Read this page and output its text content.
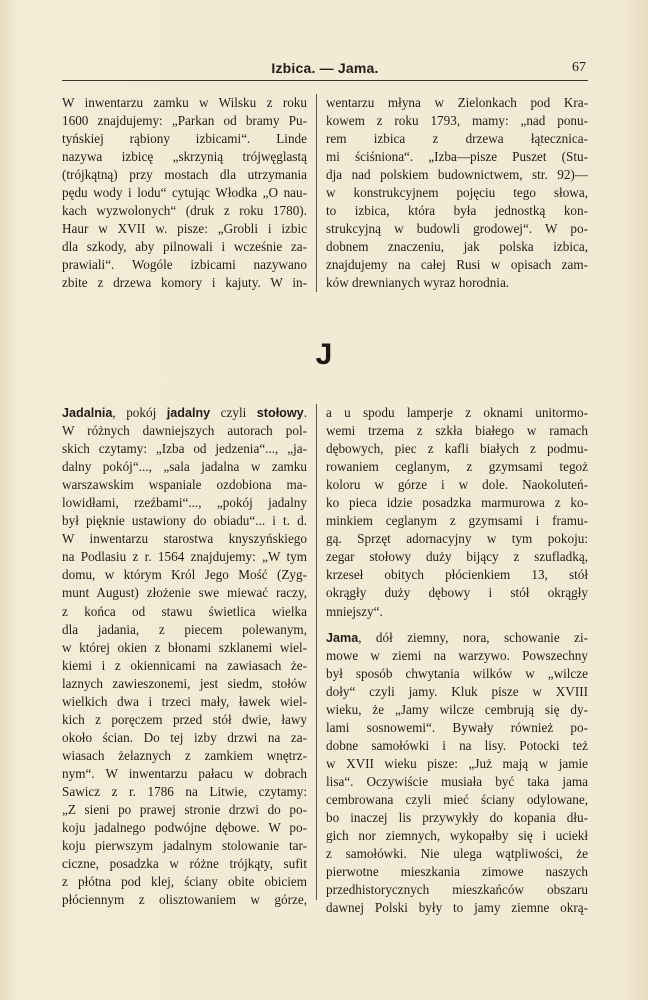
Izbica. — Jama.	67
W inwentarzu zamku w Wilsku z roku
1600 znajdujemy: „Parkan od bramy Pu-
tyńskiej rąbiony izbicami“. Linde
nazywa izbicę „skrzynią trójwęglastą
(trójkątną) przy mostach dla utrzymania
pędu wody i lodu“ cytując Włodka „O nau-
kach wyzwolonych“ (druk z roku 1780).
Haur w XVII w. pisze: „Grobli i izbic
dla szkody, aby pilnowali i wcześnie za-
prawiali“. Wogóle izbicami nazywano
zbite z drzewa komory i kajuty. W in-
wentarzu młyna w Zielonkach pod Kra-
kowem z roku 1793, mamy: „nad ponu-
rem izbica z drzewa łątecznica-
mi ściśniona“. „Izba—pisze Puszet (Stu-
dja nad polskiem budownictwem, str. 92)—
w konstrukcyjnem pojęciu tego słowa,
to izbica, która była jednostką kon-
strukcyjną w budowli grodowej“. W po-
dobnem znaczeniu, jak polska izbica,
znajdujemy na całej Rusi w opisach zam-
ków drewnianych wyraz horodnia.
J
Jadalnia, pokój jadalny czyli stołowy.
W różnych dawniejszych autorach pol-
skich czytamy: „Izba od jedzenia“..., „ja-
dalny pokój“..., „sala jadalna w zamku
warszawskim wspaniale ozdobiona ma-
lowidłami, rzeźbami“..., „pokój jadalny
był pięknie ustawiony do obiadu“... i t. d.
W inwentarzu starostwa knyszyńskiego
na Podlasiu z r. 1564 znajdujemy: „W tym
domu, w którym Król Jego Mość (Zyg-
munt August) złożenie swe miewać raczy,
z końca od stawu świetlica wielka
dla jadania, z piecem polewanym,
w której okien z błonami szklanemi wiel-
kiemi i z okiennicami na zawiasach że-
laznych zawieszonemi, jest siedm, stołów
wielkich dwa i trzeci mały, ławek wiel-
kich z poręczem przed stół dwie, ławy
około ścian. Do tej izby drzwi na za-
wiasach żelaznych z zamkiem wnętrz-
nym“. W inwentarzu pałacu w dobrach
Sawicz z r. 1786 na Litwie, czytamy:
„Z sieni po prawej stronie drzwi do po-
koju jadalnego podwójne dębowe. W po-
koju pierwszym jadalnym stolowanie tar-
ciczne, posadzka w różne trójkąty, sufit
z płótna pod klej, ściany obite obiciem
płóciennym z olisztowaniem w górze,
a u spodu lamperje z oknami unitormo-
wemi trzema z szkła białego w ramach
dębowych, piec z kafli białych z podmu-
rowaniem ceglanym, z gzymsami tegoż
koloru w górze i w dole. Naokoluteń-
ko pieca idzie posadzka marmurowa z ko-
minkiem ceglanym z gzymsami i framu-
gą. Sprzęt adornacyjny w tym pokoju:
zegar stołowy duży bijący z szufladką,
krzeseł obitych płócienkiem 13, stół
okrągły duży dębowy i stół okrągły
mniejszy“.
Jama, dół ziemny, nora, schowanie zi-
mowe w ziemi na warzywo. Powszechny
był sposób chwytania wilków w „wilcze
doły“ czyli jamy. Kluk pisze w XVIII
wieku, że „Jamy wilcze cembrują się dy-
lami sosnowemi“. Bywały również po-
dobne samołówki i na lisy. Potocki też
w XVII wieku pisze: „Już mają w jamie
lisa“. Oczywiście musiała być taka jama
cembrowana czyli mieć ściany odylowane,
bo inaczej lis przywykły do kopania dłu-
gich nor ziemnych, wykopałby się i uciekł
z samołówki. Nie ulega wątpliwości, że
pierwotne mieszkania zimowe naszych
przedhistorycznych mieszkańców obszaru
dawnej Polski były to jamy ziemne okrą-
